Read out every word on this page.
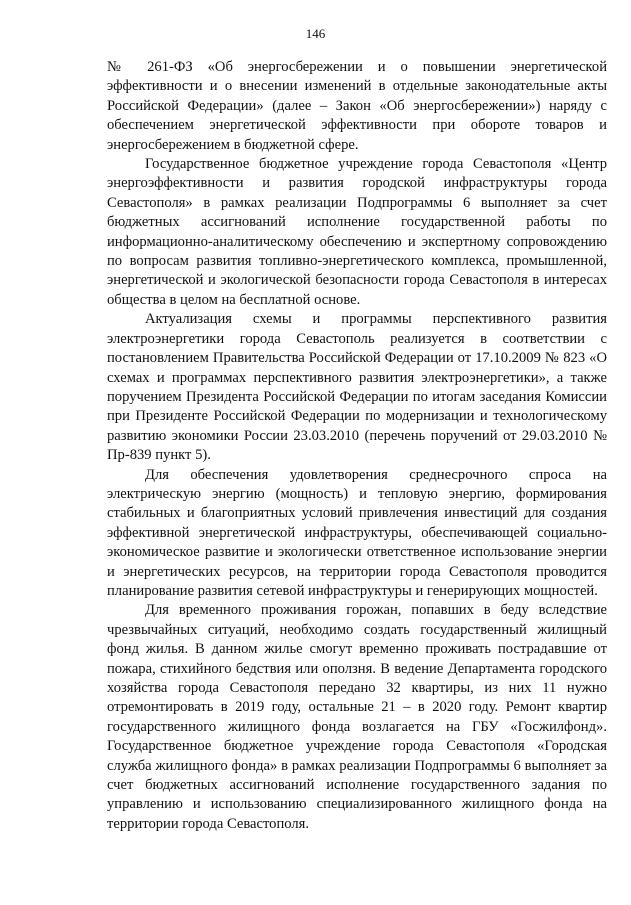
146

№ 261-ФЗ «Об энергосбережении и о повышении энергетической эффективности и о внесении изменений в отдельные законодательные акты Российской Федерации» (далее – Закон «Об энергосбережении») наряду с обеспечением энергетической эффективности при обороте товаров и энергосбережением в бюджетной сфере.

Государственное бюджетное учреждение города Севастополя «Центр энергоэффективности и развития городской инфраструктуры города Севастополя» в рамках реализации Подпрограммы 6 выполняет за счет бюджетных ассигнований исполнение государственной работы по информационно-аналитическому обеспечению и экспертному сопровождению по вопросам развития топливно-энергетического комплекса, промышленной, энергетической и экологической безопасности города Севастополя в интересах общества в целом на бесплатной основе.

Актуализация схемы и программы перспективного развития электроэнергетики города Севастополь реализуется в соответствии с постановлением Правительства Российской Федерации от 17.10.2009 № 823 «О схемах и программах перспективного развития электроэнергетики», а также поручением Президента Российской Федерации по итогам заседания Комиссии при Президенте Российской Федерации по модернизации и технологическому развитию экономики России 23.03.2010 (перечень поручений от 29.03.2010 № Пр-839 пункт 5).

Для обеспечения удовлетворения среднесрочного спроса на электрическую энергию (мощность) и тепловую энергию, формирования стабильных и благоприятных условий привлечения инвестиций для создания эффективной энергетической инфраструктуры, обеспечивающей социально-экономическое развитие и экологически ответственное использование энергии и энергетических ресурсов, на территории города Севастополя проводится планирование развития сетевой инфраструктуры и генерирующих мощностей.

Для временного проживания горожан, попавших в беду вследствие чрезвычайных ситуаций, необходимо создать государственный жилищный фонд жилья. В данном жилье смогут временно проживать пострадавшие от пожара, стихийного бедствия или оползня. В ведение Департамента городского хозяйства города Севастополя передано 32 квартиры, из них 11 нужно отремонтировать в 2019 году, остальные 21 – в 2020 году. Ремонт квартир государственного жилищного фонда возлагается на ГБУ «Госжилфонд». Государственное бюджетное учреждение города Севастополя «Городская служба жилищного фонда» в рамках реализации Подпрограммы 6 выполняет за счет бюджетных ассигнований исполнение государственного задания по управлению и использованию специализированного жилищного фонда на территории города Севастополя.
